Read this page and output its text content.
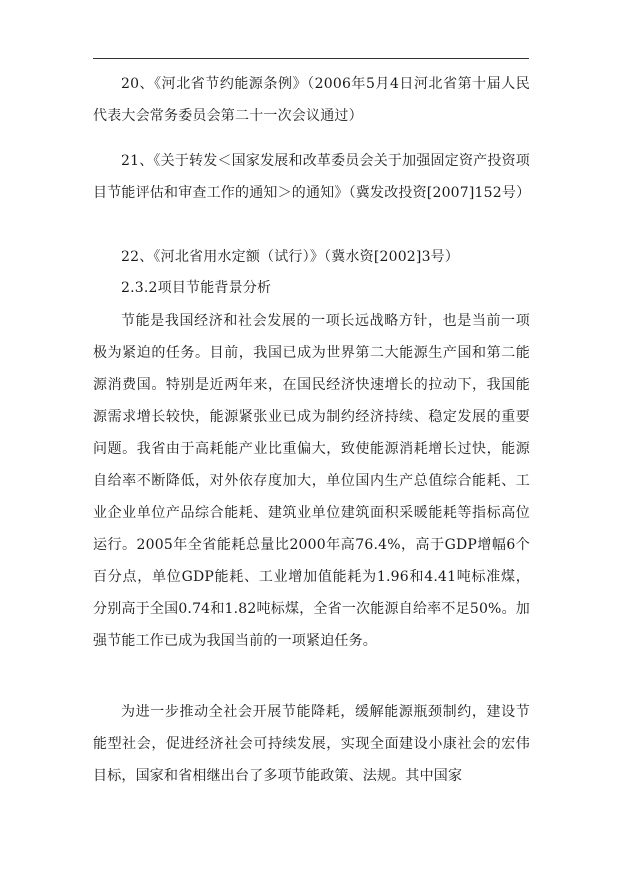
20、《河北省节约能源条例》（2006年5月4日河北省第十届人民代表大会常务委员会第二十一次会议通过）

21、《关于转发＜国家发展和改革委员会关于加强固定资产投资项目节能评估和审查工作的通知＞的通知》（冀发改投资[2007]152号）

22、《河北省用水定额（试行）》（冀水资[2002]3号）

2.3.2项目节能背景分析

节能是我国经济和社会发展的一项长远战略方针，也是当前一项极为紧迫的任务。目前，我国已成为世界第二大能源生产国和第二能源消费国。特别是近两年来，在国民经济快速增长的拉动下，我国能源需求增长较快，能源紧张业已成为制约经济持续、稳定发展的重要问题。我省由于高耗能产业比重偏大，致使能源消耗增长过快，能源自给率不断降低，对外依存度加大，单位国内生产总值综合能耗、工业企业单位产品综合能耗、建筑业单位建筑面积采暖能耗等指标高位运行。2005年全省能耗总量比2000年高76.4%，高于GDP增幅6个百分点，单位GDP能耗、工业增加值能耗为1.96和4.41吨标准煤，分别高于全国0.74和1.82吨标煤，全省一次能源自给率不足50%。加强节能工作已成为我国当前的一项紧迫任务。

为进一步推动全社会开展节能降耗，缓解能源瓶颈制约，建设节能型社会，促进经济社会可持续发展，实现全面建设小康社会的宏伟目标，国家和省相继出台了多项节能政策、法规。其中国家
